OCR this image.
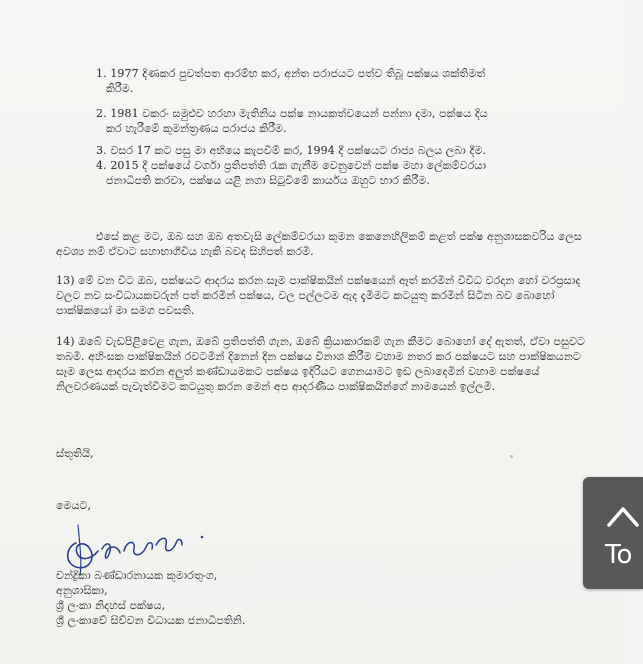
1. 1977 දිණකර පුවත්පත ආරම්භ කර, අන්ත පරාජයට පත්ව තිබූ පක්ෂය ශක්තිමත්
කිරීම.
2. 1981 වකරං සමුළුව හරහා මැතිනිය පක්ෂ නායකත්වයෙන් පන්නා දමා, පක්ෂය දිය
කර හැරීමේ කුමන්ත්‍රණය පරාජය කිරීම.
3. වසර 17 කට පසු මා අභියෙ කැපවීම් කර, 1994 දී පක්ෂයට රාජ්‍ය බලය ලබා දීම.
4. 2015 දී පක්ෂයේ වර්ගා ප්‍රතිපත්ති රැක ගැනීම වෙනුවෙන් පක්ෂ මහා ලේකම්වරයා
ජනාධිපති කරවා, පක්ෂය යළි නගා සිටුවීමේ කාර්යය ඔහුට භාර කිරීම.

එසේ කළ මට, ඔබ සහ ඔබ අතවැසි ලේකම්වරයා කුමන කෙනෙහිලිකම් කළත් පක්ෂ අනුශාසකවරිය ලෙස අවශ්‍ය නම් ඒවාට සහාභාගීවිය හැකි බවද සිහිපත් කරමි.

13) මේ වන විට ඔබ, පක්ෂයට ආදරය කරන සෑම පාක්ෂිකයින් පක්ෂයෙන් ඈත් කරමින් විවිධ වරදාන හෝ වරප්‍රසාද වලට නව සංවිධායකවරුන් පත් කරමින් පක්ෂය, වල පල්ලටම ඇද දැමීමට කටයුතු කරමින් සිටින බව බොහෝ පාක්ෂිකයෝ මා සමග පවසති.

14) ඔබේ වැඩපිළිවෙළ ගැන, ඔබේ ප්‍රතිපත්ති ගැන, ඔබේ ක්‍රියාකාරකම් ගැන කීමට බොහෝ දේ ඇතත්, ඒවා පසුවට තබමි. අහිංසක පාක්ෂිකයින් රවටමින් දිනෙන් දින පක්ෂය විනාශ කිරීම වහාම නතර කර පක්ෂයට සහ පාක්ෂිකයනට සෑම ලෙස ආදරය කරන අලුත් කණ්ඩායමකට පක්ෂය ඉදිරියට ගෙනයාමට ඉඩ ලබාදෙමින් වහාම පක්ෂයේ නිලවරණයක් පැවැත්වීමට කටයුතු කරන මෙන් අප ආදරණීය පාක්ෂිකයින්ගේ නාමයෙන් ඉල්ලමි.

ස්තූතියි,
මෙයට,
චන්ද්‍රිකා බණ්ඩාරනායක කුමාරතුංග,
අනුශාසිකා,
ශ්‍රී ලංකා නිදහස් පක්ෂය,
ශ්‍රී ලංකාවේ සිව්වන විධායක ජනාධිපතිනි.
To
